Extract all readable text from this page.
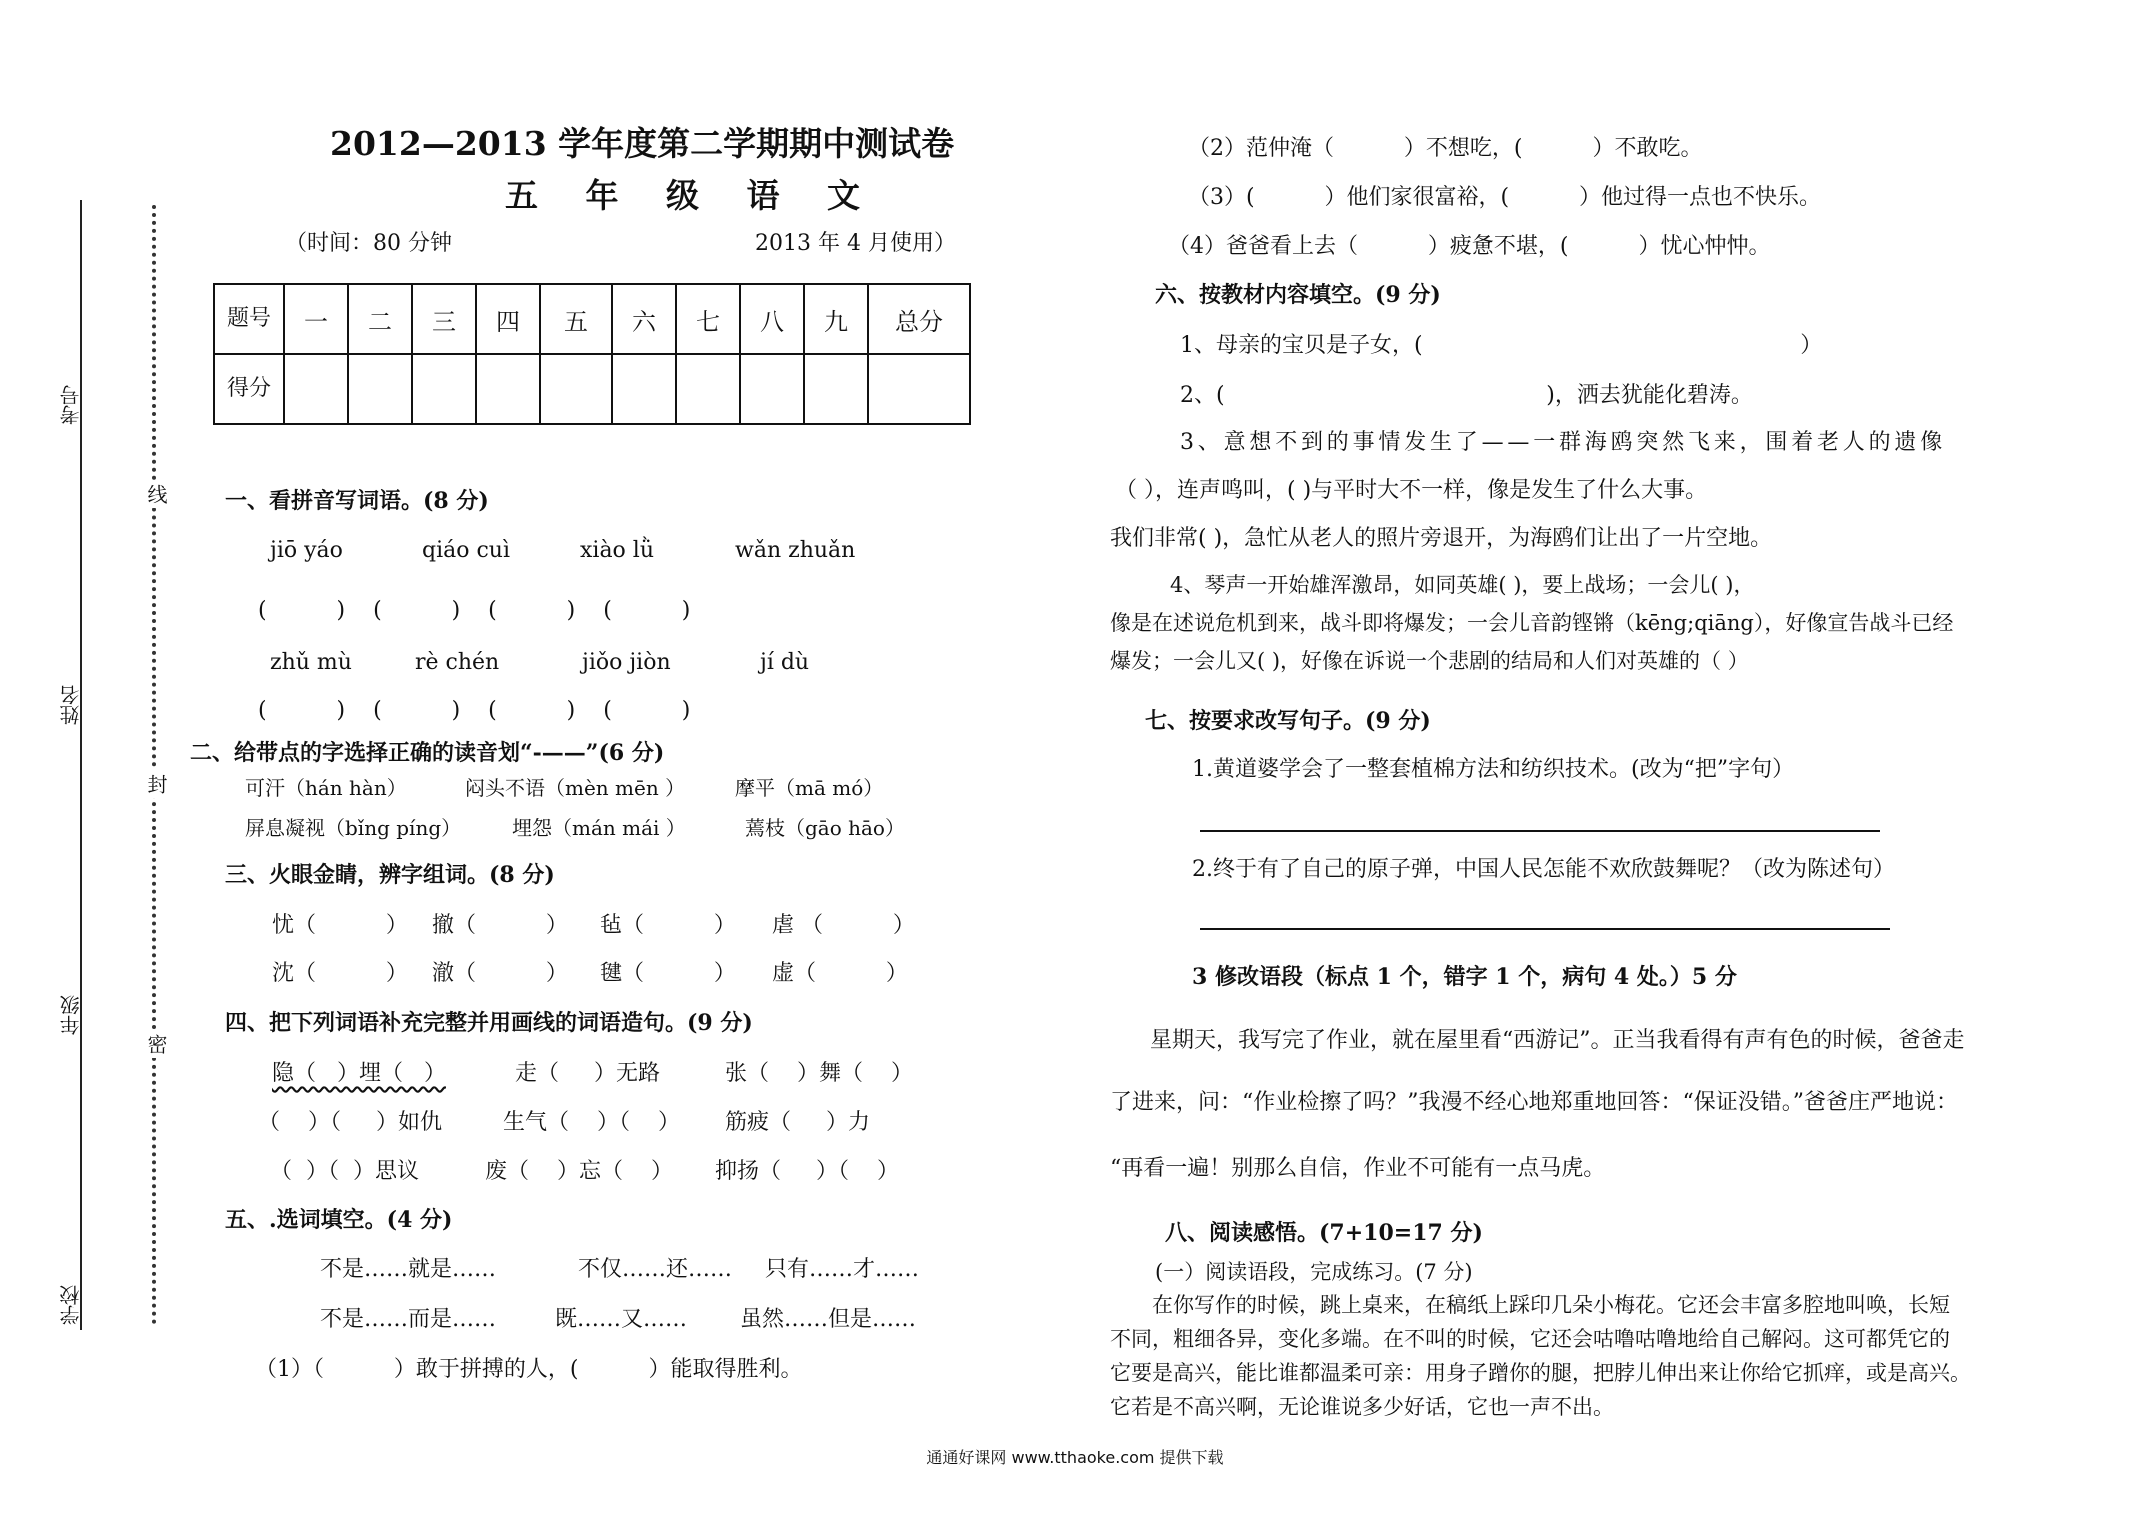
考号
姓名
年级
学校
线
封
密
2012—2013 学年度第二学期期中测试卷
五 年 级 语 文
（时间：80 分钟	2013 年 4 月使用）
题号	一	二	三	四	五	六	七	八	九	总分
得分										
一、看拼音写词语。(8 分)
jiō yáo	qiáo cuì	xiào lǜ	wǎn zhuǎn
(          )    (          )    (          )    (          )
zhǔ mù	rè chén	jiǒo jiòn	jí dù
(          )    (          )    (          )    (          )
二、给带点的字选择正确的读音划“-——”(6 分)
可汗（hán hàn）	闷头不语（mèn mēn ） 摩平（mā mó）
屏息凝视（bǐng píng）	埋怨（mán mái ）	蔫枝（gāo hāo）
三、火眼金睛，辨字组词。(8 分)
忧（          ） 撤（          ） 毡（          ） 虐 （          ）
沈（          ） 澈（          ） 毽（          ） 虚（          ）
四、把下列词语补充完整并用画线的词语造句。(9 分)
隐（   ）埋（   ）	走（     ）无路	张（    ）舞（    ）
（    ）（     ）如仇	生气（    ）（    ） 筋疲（     ）力
（  ）（  ）思议	废（    ）忘（    ） 抑扬（     ）（    ）
五、.选词填空。(4 分)
不是……就是……	不仅……还…… 只有……才……
不是……而是……	既……又…… 虽然……但是……
（1）（          ）敢于拼搏的人，(          ）能取得胜利。
（2）范仲淹（          ）不想吃，(          ）不敢吃。
（3）(          ）他们家很富裕，(          ）他过得一点也不快乐。
（4）爸爸看上去（          ）疲惫不堪，(          ）忧心忡忡。
六、按教材内容填空。(9 分)
1、母亲的宝贝是子女，(                                                      ）
2、(                                              )，洒去犹能化碧涛。
3、意想不到的事情发生了——一群海鸥突然飞来，围着老人的遗像
（ ），连声鸣叫，( )与平时大不一样，像是发生了什么大事。
我们非常( )，急忙从老人的照片旁退开，为海鸥们让出了一片空地。
4、琴声一开始雄浑激昂，如同英雄( )，要上战场；一会儿( )，
像是在述说危机到来，战斗即将爆发；一会儿音韵铿锵（kēng;qiāng），好像宣告战斗已经
爆发；一会儿又( )，好像在诉说一个悲剧的结局和人们对英雄的（ ）
七、按要求改写句子。(9 分)
1.黄道婆学会了一整套植棉方法和纺织技术。(改为“把”字句）
2.终于有了自己的原子弹，中国人民怎能不欢欣鼓舞呢？（改为陈述句）
3 修改语段（标点 1 个，错字 1 个，病句 4 处。）5 分
星期天，我写完了作业，就在屋里看“西游记”。正当我看得有声有色的时候，爸爸走
了进来，问：“作业检擦了吗？”我漫不经心地郑重地回答：“保证没错。”爸爸庄严地说：
“再看一遍！别那么自信，作业不可能有一点马虎。
八、阅读感悟。(7+10=17 分)
(一）阅读语段，完成练习。(7 分)
在你写作的时候，跳上桌来，在稿纸上踩印几朵小梅花。它还会丰富多腔地叫唤，长短
不同，粗细各异，变化多端。在不叫的时候，它还会咕噜咕噜地给自己解闷。这可都凭它的
它要是高兴，能比谁都温柔可亲：用身子蹭你的腿，把脖儿伸出来让你给它抓痒，或是高兴。
它若是不高兴啊，无论谁说多少好话，它也一声不出。
通通好课网 www.tthaoke.com 提供下载
